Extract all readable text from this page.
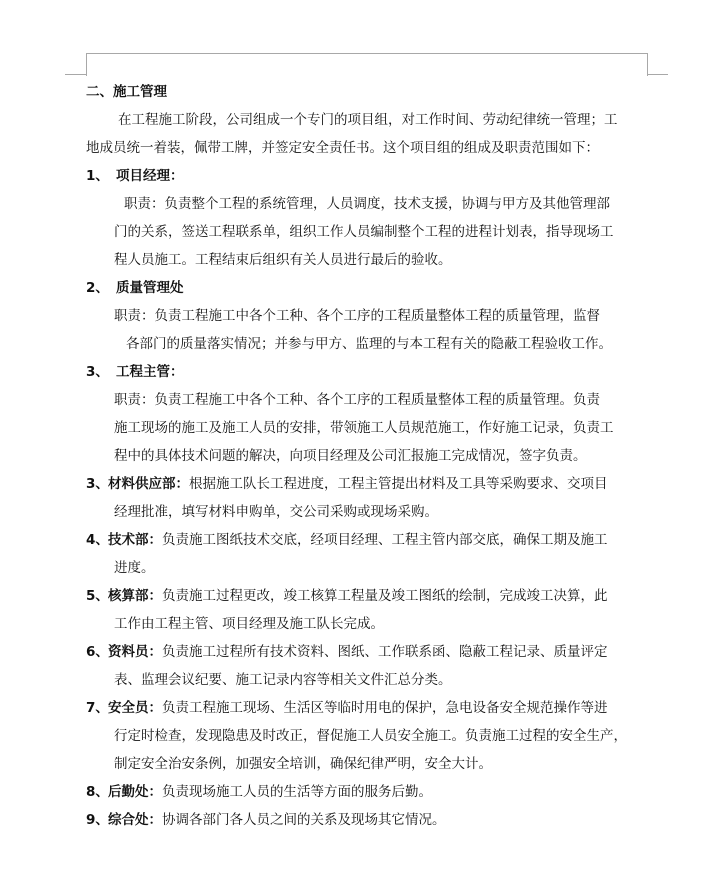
二、施工管理
在工程施工阶段，公司组成一个专门的项目组，对工作时间、劳动纪律统一管理；工
地成员统一着装，佩带工牌，并签定安全责任书。这个项目组的组成及职责范围如下：
1、 项目经理：
职责：负责整个工程的系统管理，人员调度，技术支援，协调与甲方及其他管理部
门的关系，签送工程联系单，组织工作人员编制整个工程的进程计划表，指导现场工
程人员施工。工程结束后组织有关人员进行最后的验收。
2、 质量管理处
职责：负责工程施工中各个工种、各个工序的工程质量整体工程的质量管理，监督
各部门的质量落实情况；并参与甲方、监理的与本工程有关的隐蔽工程验收工作。
3、 工程主管：
职责：负责工程施工中各个工种、各个工序的工程质量整体工程的质量管理。负责
施工现场的施工及施工人员的安排，带领施工人员规范施工，作好施工记录，负责工
程中的具体技术问题的解决，向项目经理及公司汇报施工完成情况，签字负责。
3、材料供应部：根据施工队长工程进度，工程主管提出材料及工具等采购要求、交项目
经理批准，填写材料申购单，交公司采购或现场采购。
4、技术部：负责施工图纸技术交底，经项目经理、工程主管内部交底，确保工期及施工
进度。
5、核算部：负责施工过程更改，竣工核算工程量及竣工图纸的绘制，完成竣工决算，此
工作由工程主管、项目经理及施工队长完成。
6、资料员：负责施工过程所有技术资料、图纸、工作联系函、隐蔽工程记录、质量评定
表、监理会议纪要、施工记录内容等相关文件汇总分类。
7、安全员：负责工程施工现场、生活区等临时用电的保护，急电设备安全规范操作等进
行定时检查，发现隐患及时改正，督促施工人员安全施工。负责施工过程的安全生产，
制定安全治安条例，加强安全培训，确保纪律严明，安全大计。
8、后勤处：负责现场施工人员的生活等方面的服务后勤。
9、综合处：协调各部门各人员之间的关系及现场其它情况。
